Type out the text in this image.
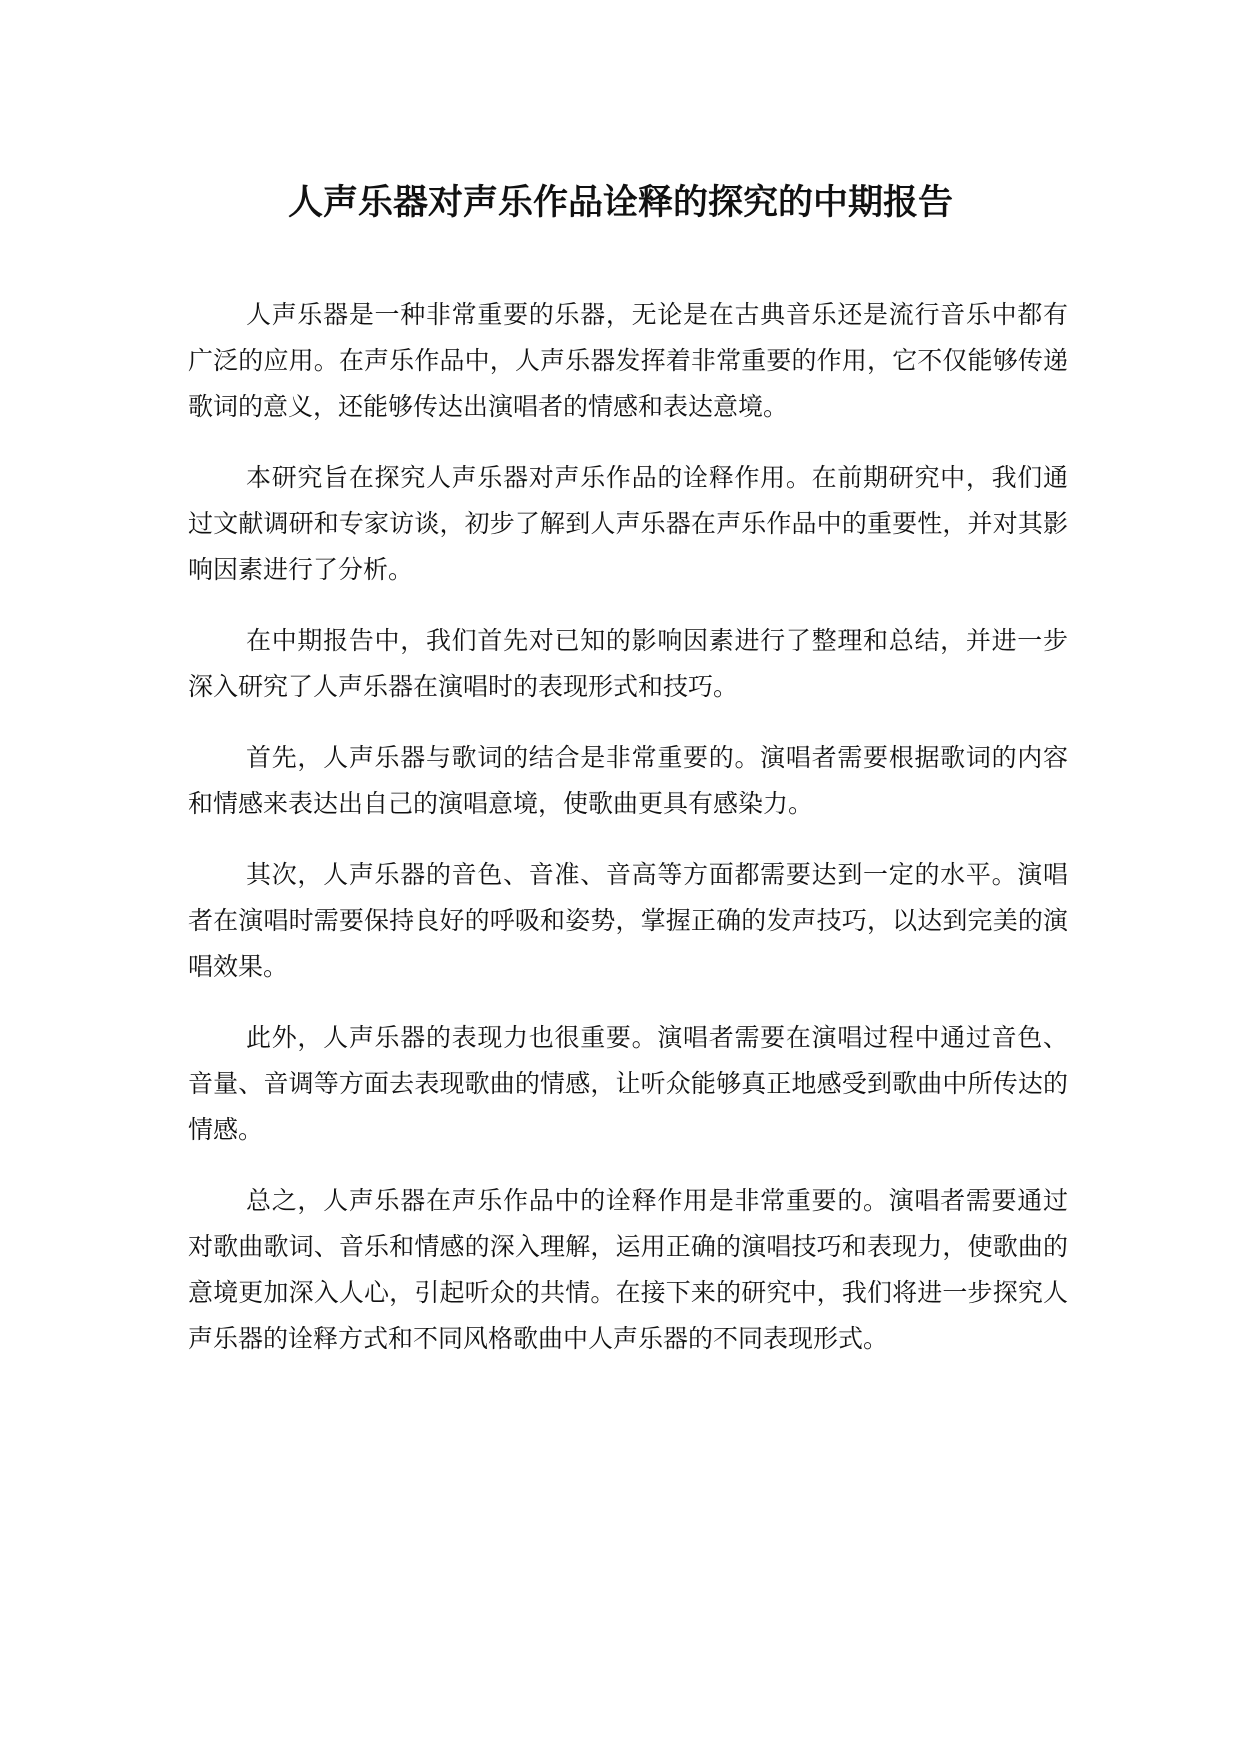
人声乐器对声乐作品诠释的探究的中期报告

人声乐器是一种非常重要的乐器，无论是在古典音乐还是流行音乐中都有广泛的应用。在声乐作品中，人声乐器发挥着非常重要的作用，它不仅能够传递歌词的意义，还能够传达出演唱者的情感和表达意境。

本研究旨在探究人声乐器对声乐作品的诠释作用。在前期研究中，我们通过文献调研和专家访谈，初步了解到人声乐器在声乐作品中的重要性，并对其影响因素进行了分析。

在中期报告中，我们首先对已知的影响因素进行了整理和总结，并进一步深入研究了人声乐器在演唱时的表现形式和技巧。

首先，人声乐器与歌词的结合是非常重要的。演唱者需要根据歌词的内容和情感来表达出自己的演唱意境，使歌曲更具有感染力。

其次，人声乐器的音色、音准、音高等方面都需要达到一定的水平。演唱者在演唱时需要保持良好的呼吸和姿势，掌握正确的发声技巧，以达到完美的演唱效果。

此外，人声乐器的表现力也很重要。演唱者需要在演唱过程中通过音色、音量、音调等方面去表现歌曲的情感，让听众能够真正地感受到歌曲中所传达的情感。

总之，人声乐器在声乐作品中的诠释作用是非常重要的。演唱者需要通过对歌曲歌词、音乐和情感的深入理解，运用正确的演唱技巧和表现力，使歌曲的意境更加深入人心，引起听众的共情。在接下来的研究中，我们将进一步探究人声乐器的诠释方式和不同风格歌曲中人声乐器的不同表现形式。
